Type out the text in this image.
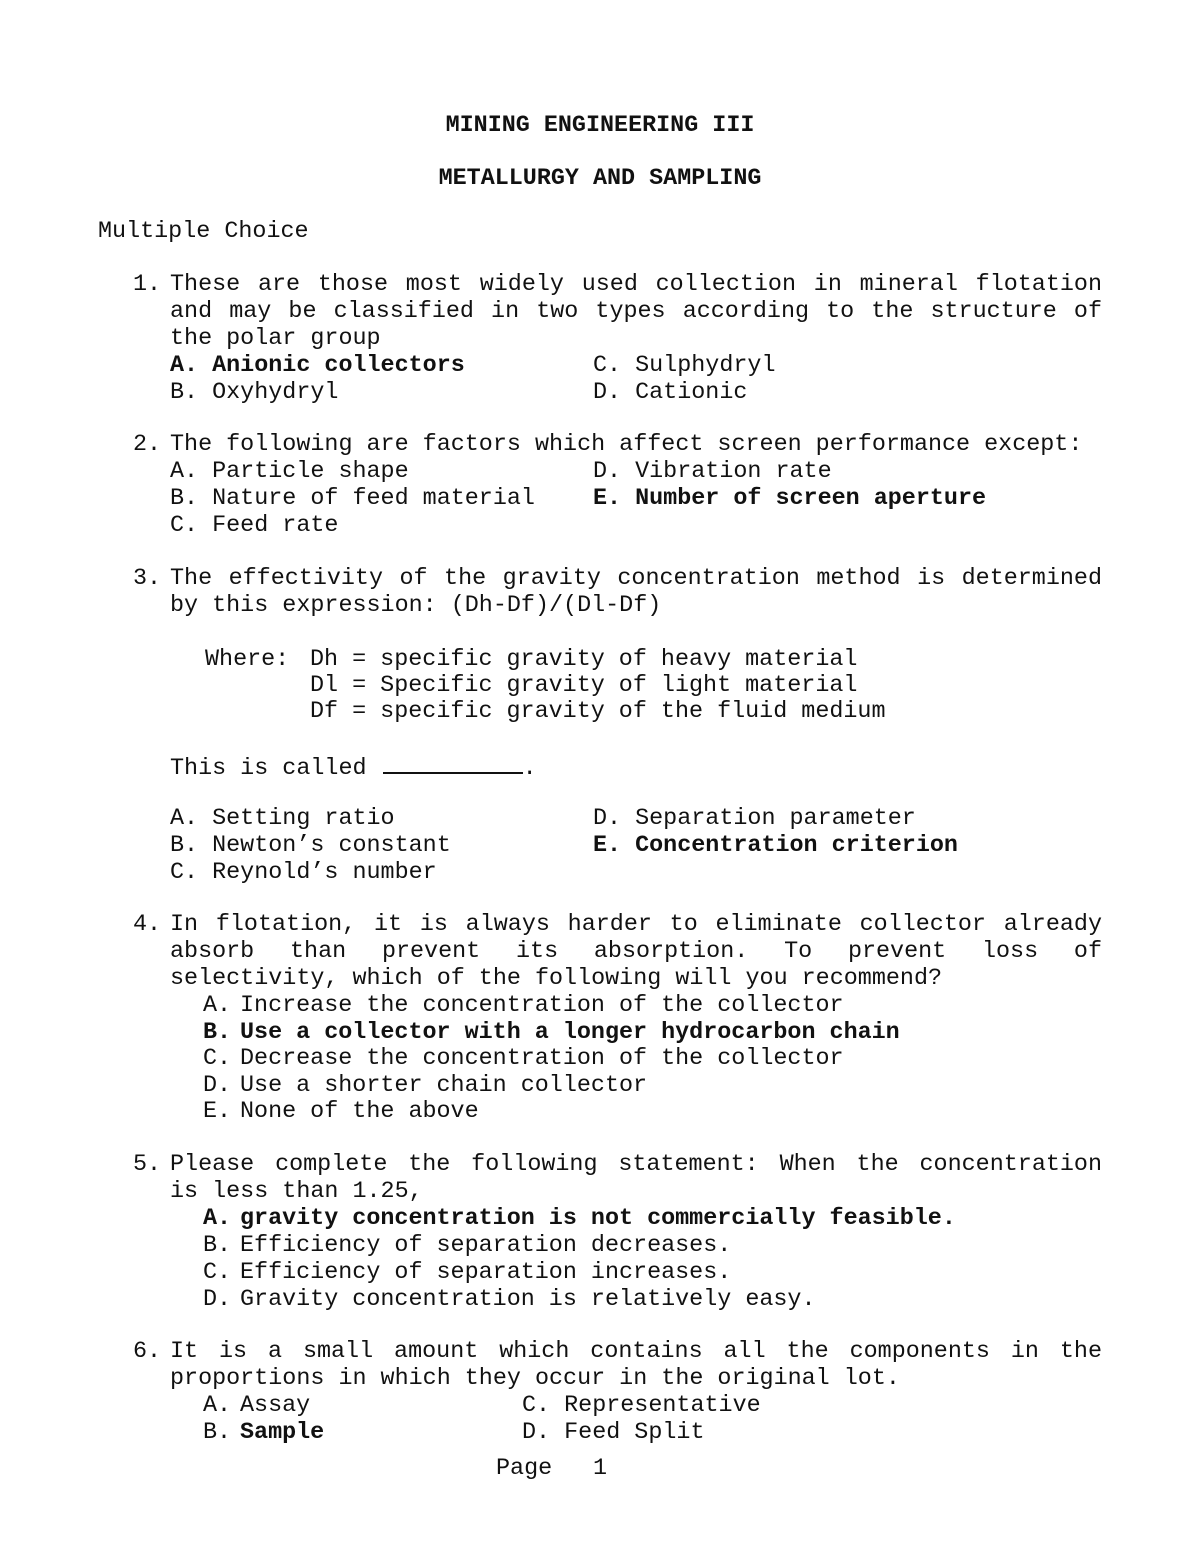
MINING ENGINEERING III
METALLURGY AND SAMPLING
Multiple Choice
1. These are those most widely used collection in mineral flotation
and may be classified in two types according to the structure of
the polar group
A. Anionic collectors
B. Oxyhydryl
C. Sulphydryl
D. Cationic
2. The following are factors which affect screen performance except:
A. Particle shape
B. Nature of feed material
C. Feed rate
D. Vibration rate
E. Number of screen aperture
3. The effectivity of the gravity concentration method is determined
by this expression: (Dh-Df)/(Dl-Df)
Where: Dh = specific gravity of heavy material
Dl = Specific gravity of light material
Df = specific gravity of the fluid medium
This is called	.
A. Setting ratio
B. Newton’s constant
C. Reynold’s number
D. Separation parameter
E. Concentration criterion
4. In flotation, it is always harder to eliminate collector already
absorb than prevent its absorption. To prevent loss of
selectivity, which of the following will you recommend?
A. Increase the concentration of the collector
B. Use a collector with a longer hydrocarbon chain
C. Decrease the concentration of the collector
D. Use a shorter chain collector
E. None of the above
5. Please complete the following statement: When the concentration
is less than 1.25,
A. gravity concentration is not commercially feasible.
B. Efficiency of separation decreases.
C. Efficiency of separation increases.
D. Gravity concentration is relatively easy.
6. It is a small amount which contains all the components in the
proportions in which they occur in the original lot.
A. Assay
B. Sample
C. Representative
D. Feed Split
Page 1
